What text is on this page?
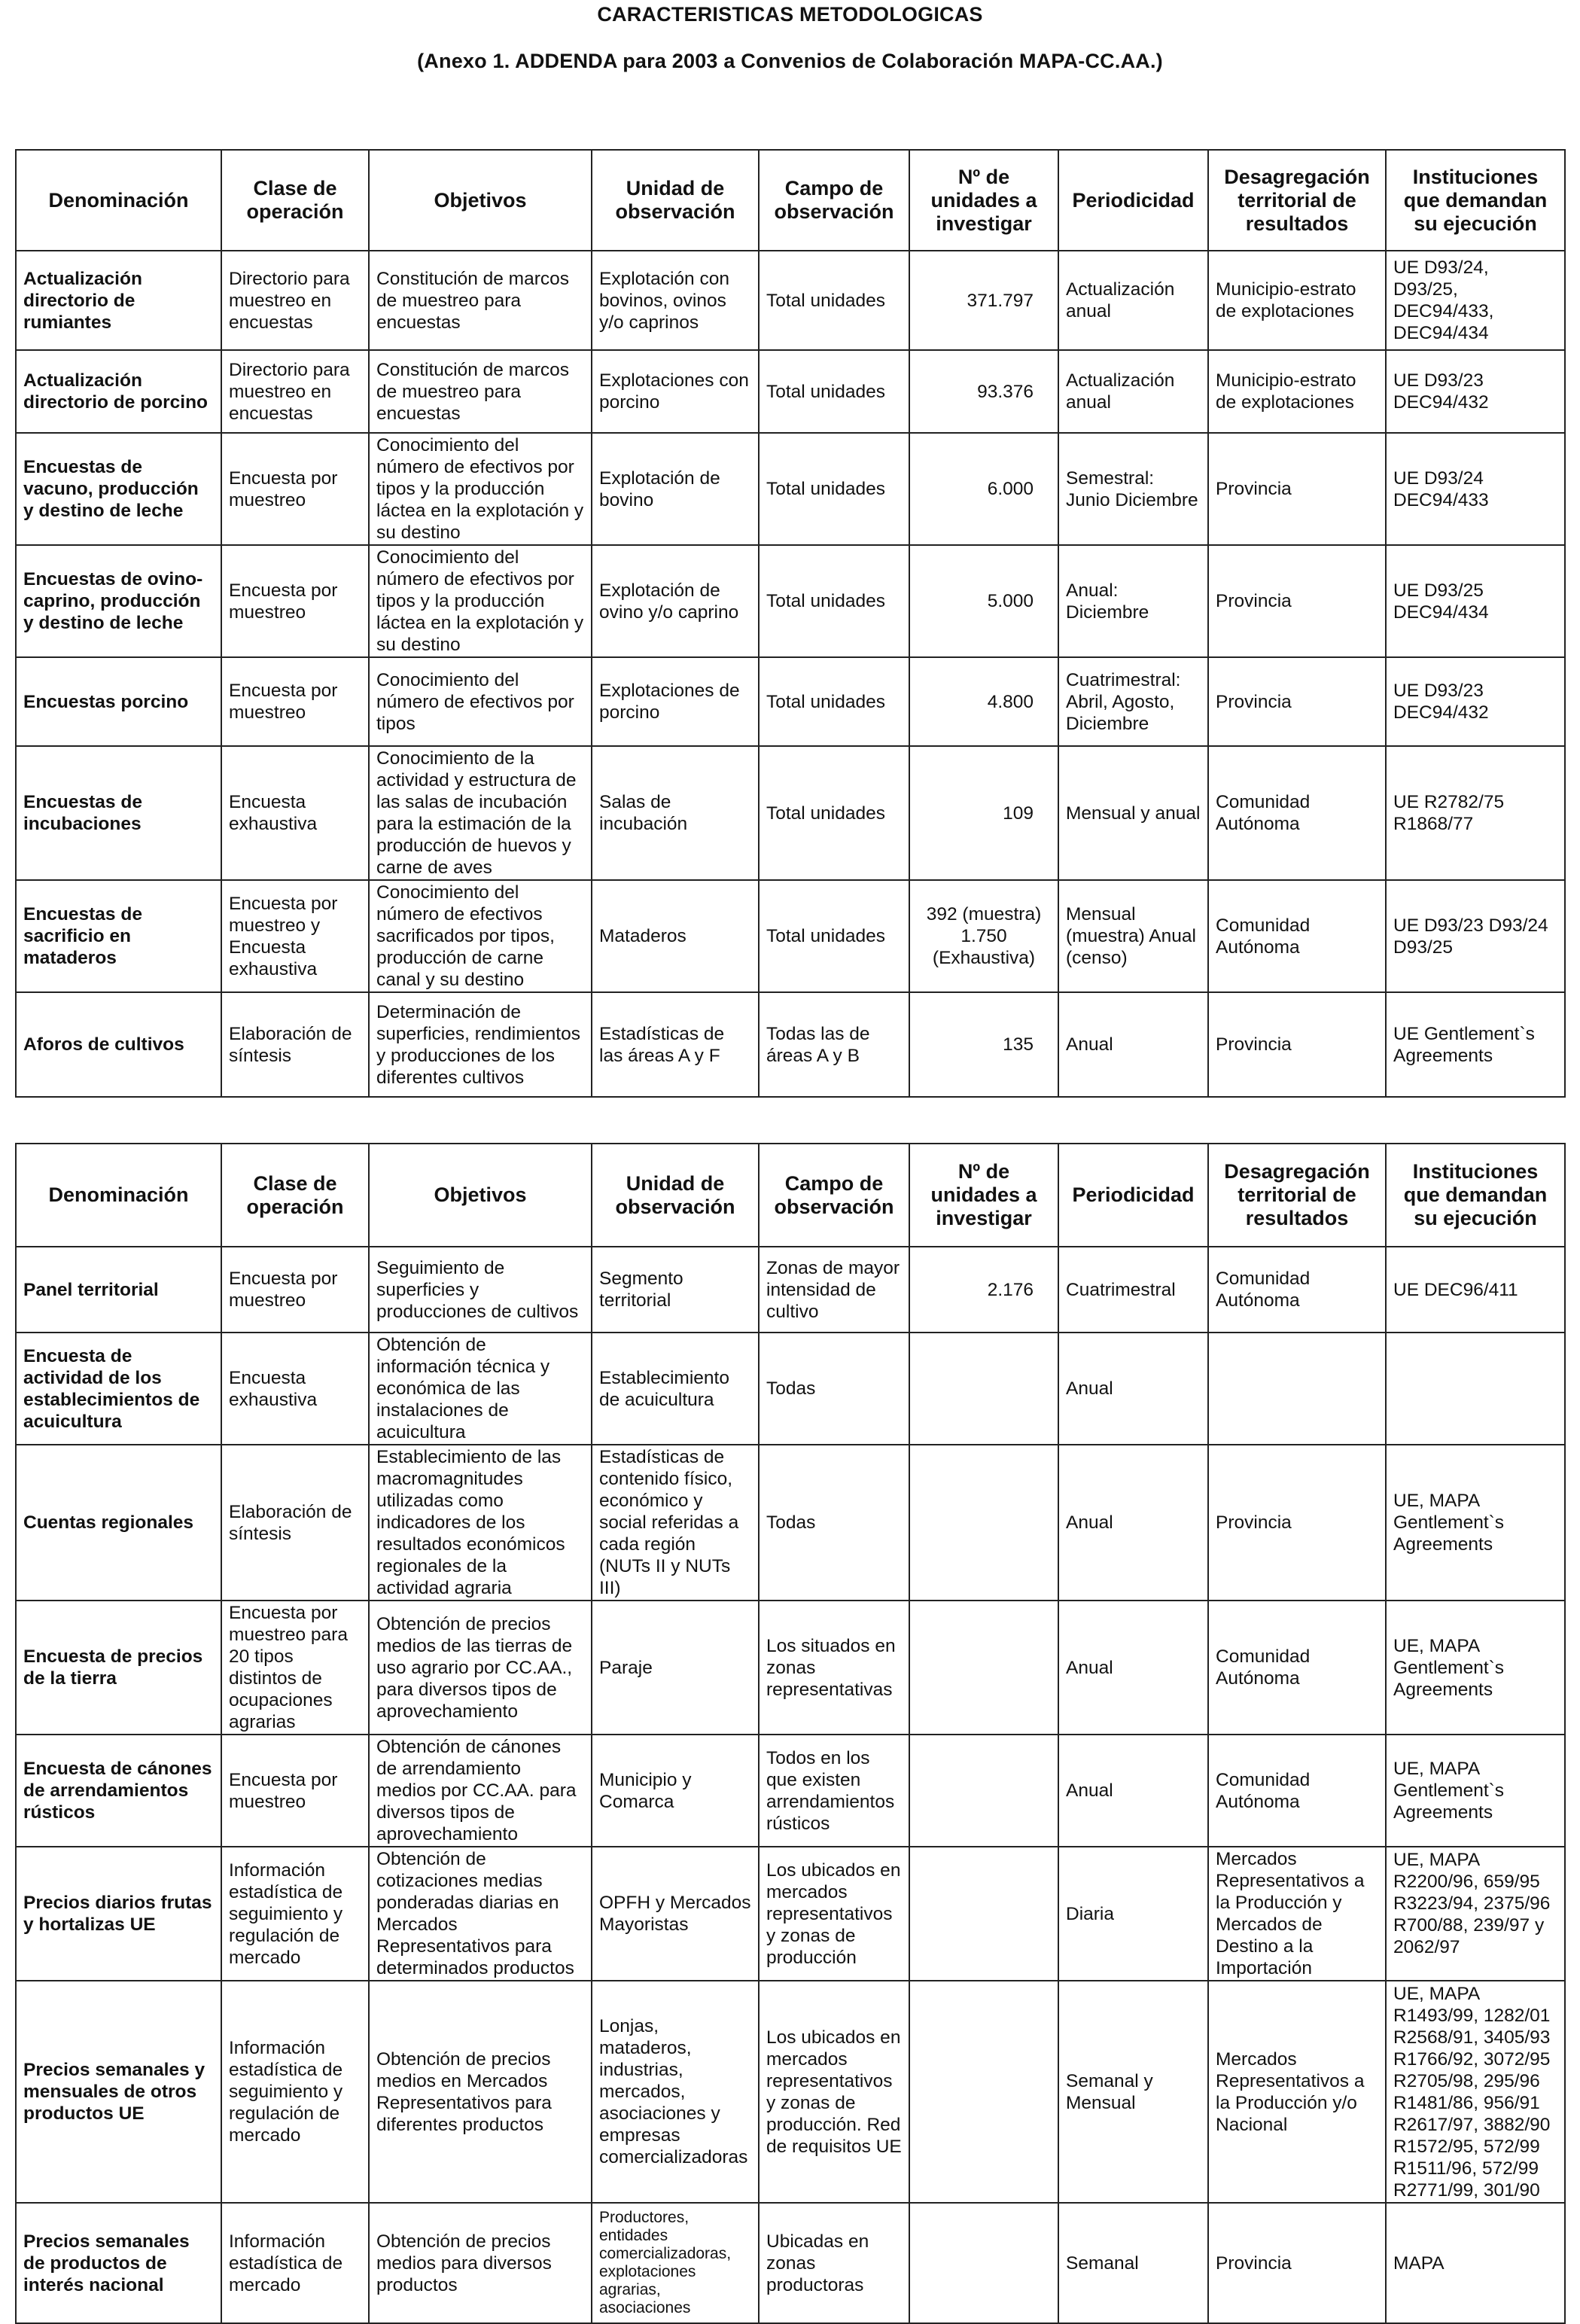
CARACTERISTICAS METODOLOGICAS
(Anexo 1. ADDENDA para 2003 a Convenios de Colaboración MAPA-CC.AA.)
Denominación	Clase de operación	Objetivos	Unidad de observación	Campo de observación	Nº de unidades a investigar	Periodicidad	Desagregación territorial de resultados	Instituciones que demandan su ejecución
Actualización directorio de rumiantes	Directorio para muestreo en encuestas	Constitución de marcos de muestreo para encuestas	Explotación con bovinos, ovinos y/o caprinos	Total unidades	371.797	Actualización anual	Municipio-estrato de explotaciones	UE D93/24, D93/25, DEC94/433, DEC94/434
Actualización directorio de porcino	Directorio para muestreo en encuestas	Constitución de marcos de muestreo para encuestas	Explotaciones con porcino	Total unidades	93.376	Actualización anual	Municipio-estrato de explotaciones	UE D93/23 DEC94/432
Encuestas de vacuno, producción y destino de leche	Encuesta por muestreo	Conocimiento del número de efectivos por tipos y la producción láctea en la explotación y su destino	Explotación de bovino	Total unidades	6.000	Semestral: Junio Diciembre	Provincia	UE D93/24 DEC94/433
Encuestas de ovino-caprino, producción y destino de leche	Encuesta por muestreo	Conocimiento del número de efectivos por tipos y la producción láctea en la explotación y su destino	Explotación de ovino y/o caprino	Total unidades	5.000	Anual: Diciembre	Provincia	UE D93/25 DEC94/434
Encuestas porcino	Encuesta por muestreo	Conocimiento del número de efectivos por tipos	Explotaciones de porcino	Total unidades	4.800	Cuatrimestral: Abril, Agosto, Diciembre	Provincia	UE D93/23 DEC94/432
Encuestas de incubaciones	Encuesta exhaustiva	Conocimiento de la actividad y estructura de las salas de incubación para la estimación de la producción de huevos y carne de aves	Salas de incubación	Total unidades	109	Mensual y anual	Comunidad Autónoma	UE R2782/75 R1868/77
Encuestas de sacrificio en mataderos	Encuesta por muestreo y Encuesta exhaustiva	Conocimiento del número de efectivos sacrificados por tipos, producción de carne canal y su destino	Mataderos	Total unidades	392 (muestra) 1.750 (Exhaustiva)	Mensual (muestra) Anual (censo)	Comunidad Autónoma	UE D93/23 D93/24 D93/25
Aforos de cultivos	Elaboración de síntesis	Determinación de superficies, rendimientos y producciones de los diferentes cultivos	Estadísticas de las áreas A y F	Todas las de áreas A y B	135	Anual	Provincia	UE Gentlement`s Agreements
Denominación	Clase de operación	Objetivos	Unidad de observación	Campo de observación	Nº de unidades a investigar	Periodicidad	Desagregación territorial de resultados	Instituciones que demandan su ejecución
Panel territorial	Encuesta por muestreo	Seguimiento de superficies y producciones de cultivos	Segmento territorial	Zonas de mayor intensidad de cultivo	2.176	Cuatrimestral	Comunidad Autónoma	UE DEC96/411
Encuesta de actividad de los establecimientos de acuicultura	Encuesta exhaustiva	Obtención de información técnica y económica de las instalaciones de acuicultura	Establecimiento de acuicultura	Todas		Anual		
Cuentas regionales	Elaboración de síntesis	Establecimiento de las macromagnitudes utilizadas como indicadores de los resultados económicos regionales de la actividad agraria	Estadísticas de contenido físico, económico y social referidas a cada región (NUTs II y NUTs III)	Todas		Anual	Provincia	UE, MAPA Gentlement`s Agreements
Encuesta de precios de la tierra	Encuesta por muestreo para 20 tipos distintos de ocupaciones agrarias	Obtención de precios medios de las tierras de uso agrario por CC.AA., para diversos tipos de aprovechamiento	Paraje	Los situados en zonas representativas		Anual	Comunidad Autónoma	UE, MAPA Gentlement`s Agreements
Encuesta de cánones de arrendamientos rústicos	Encuesta por muestreo	Obtención de cánones de arrendamiento medios por CC.AA. para diversos tipos de aprovechamiento	Municipio y Comarca	Todos en los que existen arrendamientos rústicos		Anual	Comunidad Autónoma	UE, MAPA Gentlement`s Agreements
Precios diarios frutas y hortalizas UE	Información estadística de seguimiento y regulación de mercado	Obtención de cotizaciones medias ponderadas diarias en Mercados Representativos para determinados productos	OPFH y Mercados Mayoristas	Los ubicados en mercados representativos y zonas de producción		Diaria	Mercados Representativos a la Producción y Mercados de Destino a la Importación	UE, MAPA R2200/96, 659/95 R3223/94, 2375/96 R700/88, 239/97 y 2062/97
Precios semanales y mensuales de otros productos UE	Información estadística de seguimiento y regulación de mercado	Obtención de precios medios en Mercados Representativos para diferentes productos	Lonjas, mataderos, industrias, mercados, asociaciones y empresas comercializadoras	Los ubicados en mercados representativos y zonas de producción. Red de requisitos UE		Semanal y Mensual	Mercados Representativos a la Producción y/o Nacional	UE, MAPA R1493/99, 1282/01 R2568/91, 3405/93 R1766/92, 3072/95 R2705/98, 295/96 R1481/86, 956/91 R2617/97, 3882/90 R1572/95, 572/99 R1511/96, 572/99 R2771/99, 301/90
Precios semanales de productos de interés nacional	Información estadística de mercado	Obtención de precios medios para diversos productos	Productores, entidades comercializadoras, explotaciones agrarias, asociaciones	Ubicadas en zonas productoras		Semanal	Provincia	MAPA
